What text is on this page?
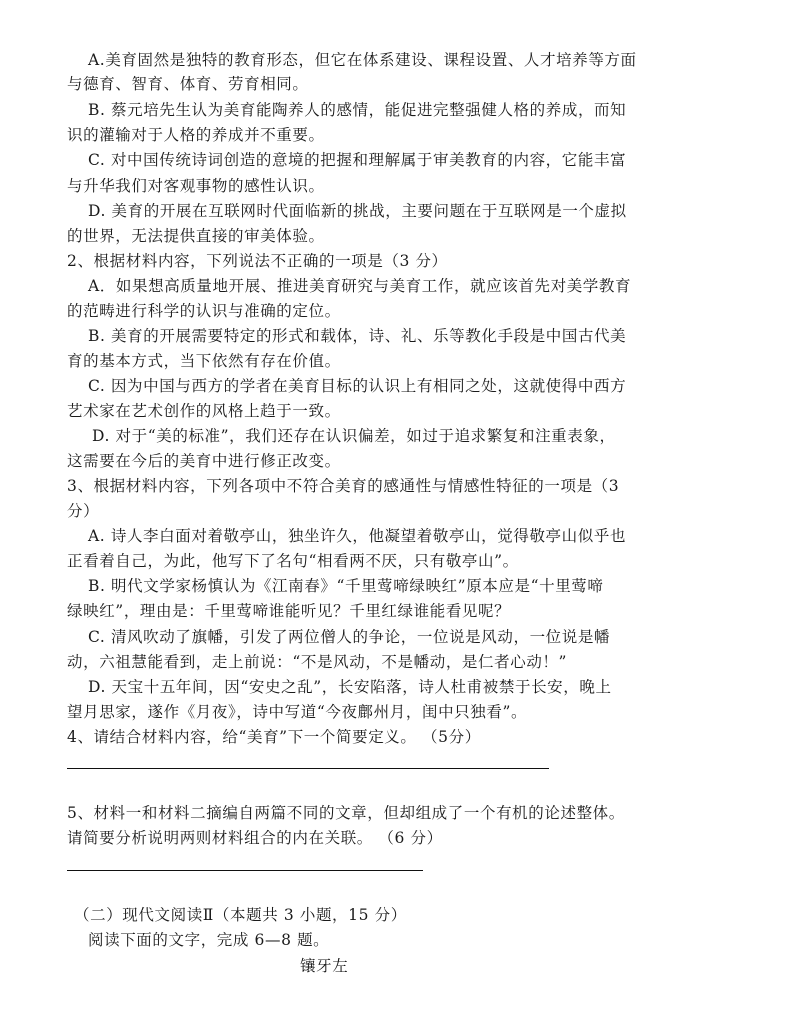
A.美育固然是独特的教育形态，但它在体系建设、课程设置、人才培养等方面
与德育、智育、体育、劳育相同。
B. 蔡元培先生认为美育能陶养人的感情，能促进完整强健人格的养成，而知
识的灌输对于人格的养成并不重要。
C. 对中国传统诗词创造的意境的把握和理解属于审美教育的内容，它能丰富
与升华我们对客观事物的感性认识。
D. 美育的开展在互联网时代面临新的挑战，主要问题在于互联网是一个虚拟
的世界，无法提供直接的审美体验。
2、根据材料内容，下列说法不正确的一项是（3 分）
A．如果想高质量地开展、推进美育研究与美育工作，就应该首先对美学教育
的范畴进行科学的认识与准确的定位。
B. 美育的开展需要特定的形式和载体，诗、礼、乐等教化手段是中国古代美
育的基本方式，当下依然有存在价值。
C. 因为中国与西方的学者在美育目标的认识上有相同之处，这就使得中西方
艺术家在艺术创作的风格上趋于一致。
D. 对于“美的标准”，我们还存在认识偏差，如过于追求繁复和注重表象，
这需要在今后的美育中进行修正改变。
3、根据材料内容，下列各项中不符合美育的感通性与情感性特征的一项是（3
分）
A. 诗人李白面对着敬亭山，独坐许久，他凝望着敬亭山，觉得敬亭山似乎也
正看着自己，为此，他写下了名句“相看两不厌，只有敬亭山”。
B. 明代文学家杨慎认为《江南春》“千里莺啼绿映红”原本应是“十里莺啼
绿映红”，理由是：千里莺啼谁能听见？千里红绿谁能看见呢？
C. 清风吹动了旗幡，引发了两位僧人的争论，一位说是风动，一位说是幡
动，六祖慧能看到，走上前说：“不是风动，不是幡动，是仁者心动！”
D. 天宝十五年间，因“安史之乱”，长安陷落，诗人杜甫被禁于长安，晚上
望月思家，遂作《月夜》，诗中写道“今夜鄜州月，闺中只独看”。
4、请结合材料内容，给“美育”下一个简要定义。 （5分）
5、材料一和材料二摘编自两篇不同的文章，但却组成了一个有机的论述整体。
请简要分析说明两则材料组合的内在关联。 （6 分）
（二）现代文阅读Ⅱ（本题共 3 小题，15 分）
阅读下面的文字，完成 6—8 题。
镶牙左
